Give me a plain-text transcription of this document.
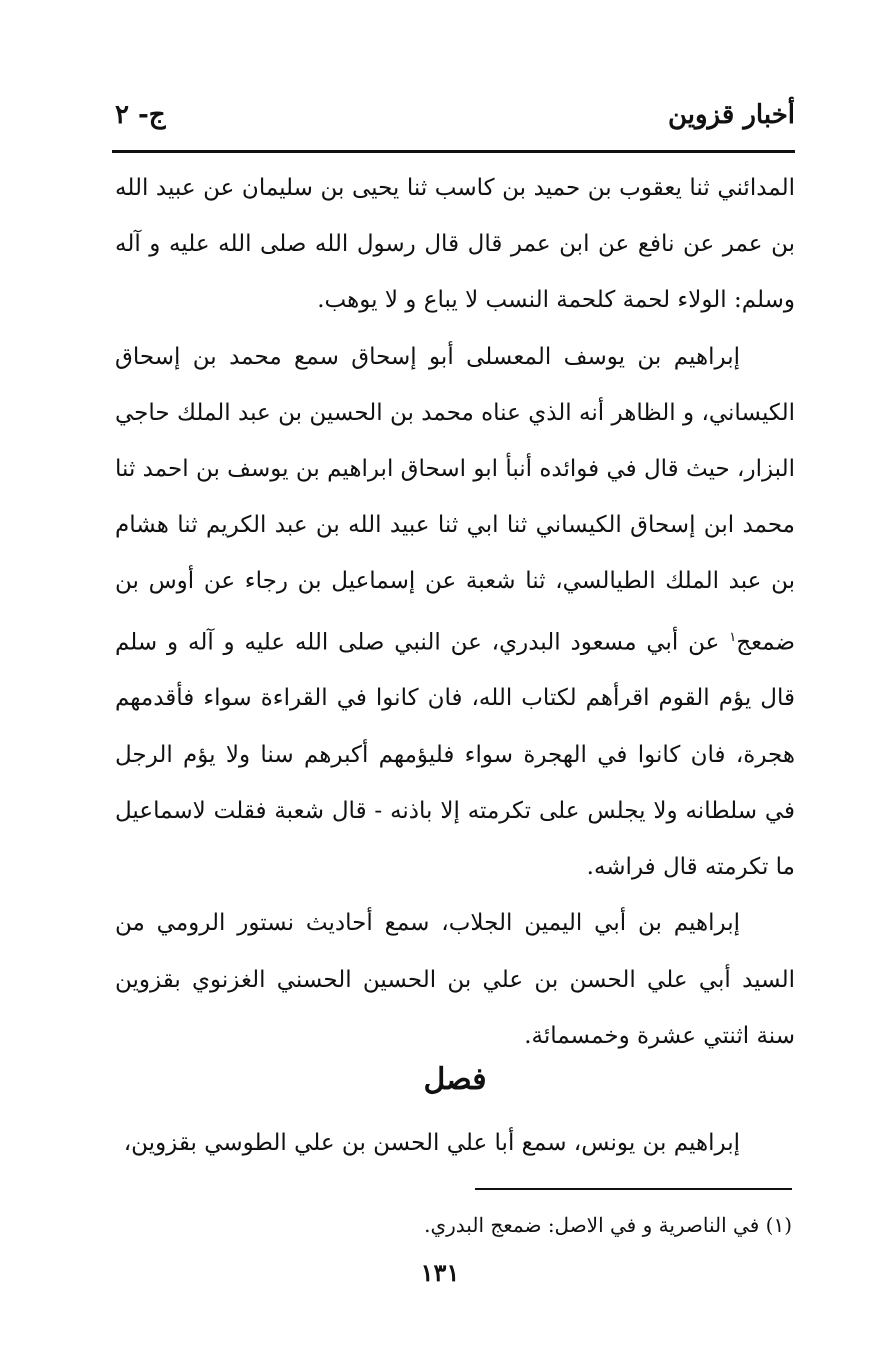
أخبار قزوين
ج- ٢

المدائني ثنا يعقوب بن حميد بن كاسب ثنا يحيى بن سليمان عن عبيد الله بن عمر عن نافع عن ابن عمر قال قال رسول الله صلى الله عليه و آله وسلم: الولاء لحمة كلحمة النسب لا يباع و لا يوهب.

إبراهيم بن يوسف المعسلى أبو إسحاق سمع محمد بن إسحاق الكيساني، و الظاهر أنه الذي عناه محمد بن الحسين بن عبد الملك حاجي البزار، حيث قال في فوائده أنبأ ابو اسحاق ابراهيم بن يوسف بن احمد ثنا محمد ابن إسحاق الكيساني ثنا ابي ثنا عبيد الله بن عبد الكريم ثنا هشام بن عبد الملك الطيالسي، ثنا شعبة عن إسماعيل بن رجاء عن أوس بن ضمعج$^١$ عن أبي مسعود البدري، عن النبي صلى الله عليه و آله و سلم قال يؤم القوم اقرأهم لكتاب الله، فان كانوا في القراءة سواء فأقدمهم هجرة، فان كانوا في الهجرة سواء فليؤمهم أكبرهم سنا ولا يؤم الرجل في سلطانه ولا يجلس على تكرمته إلا باذنه - قال شعبة فقلت لاسماعيل ما تكرمته قال فراشه.

إبراهيم بن أبي اليمين الجلاب، سمع أحاديث نستور الرومي من السيد أبي علي الحسن بن علي بن الحسين الحسني الغزنوي بقزوين سنة اثنتي عشرة وخمسمائة.

فصل
إبراهيم بن يونس، سمع أبا علي الحسن بن علي الطوسي بقزوين،
(١) في الناصرية و في الاصل: ضمعج البدري.
١٣١
